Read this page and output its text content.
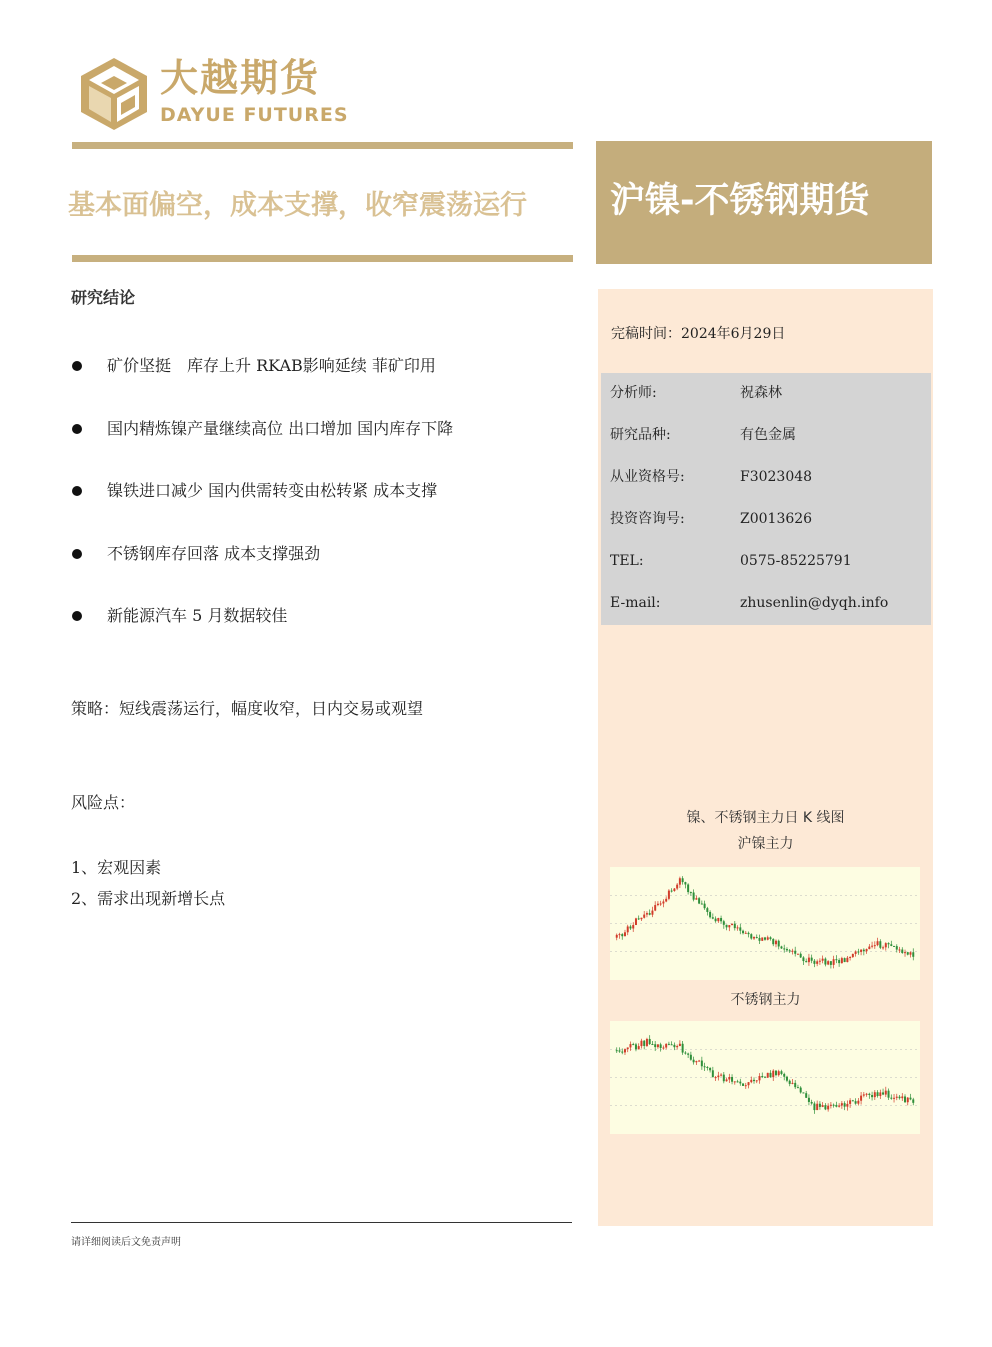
大越期货
DAYUE FUTURES
基本面偏空，成本支撑，收窄震荡运行	沪镍-不锈钢期货
研究结论
矿价坚挺　库存上升 RKAB影响延续 菲矿印用
国内精炼镍产量继续高位 出口增加 国内库存下降
镍铁进口减少 国内供需转变由松转紧 成本支撑
不锈钢库存回落 成本支撑强劲
新能源汽车 5 月数据较佳
策略：短线震荡运行，幅度收窄，日内交易或观望
风险点：
1、宏观因素
2、需求出现新增长点
请详细阅读后文免责声明
完稿时间：2024年6月29日
分析师:	祝森林
研究品种:	有色金属
从业资格号:	F3023048
投资咨询号:	Z0013626
TEL:	0575-85225791
E-mail:	zhusenlin@dyqh.info
镍、不锈钢主力日 K 线图
沪镍主力
不锈钢主力
